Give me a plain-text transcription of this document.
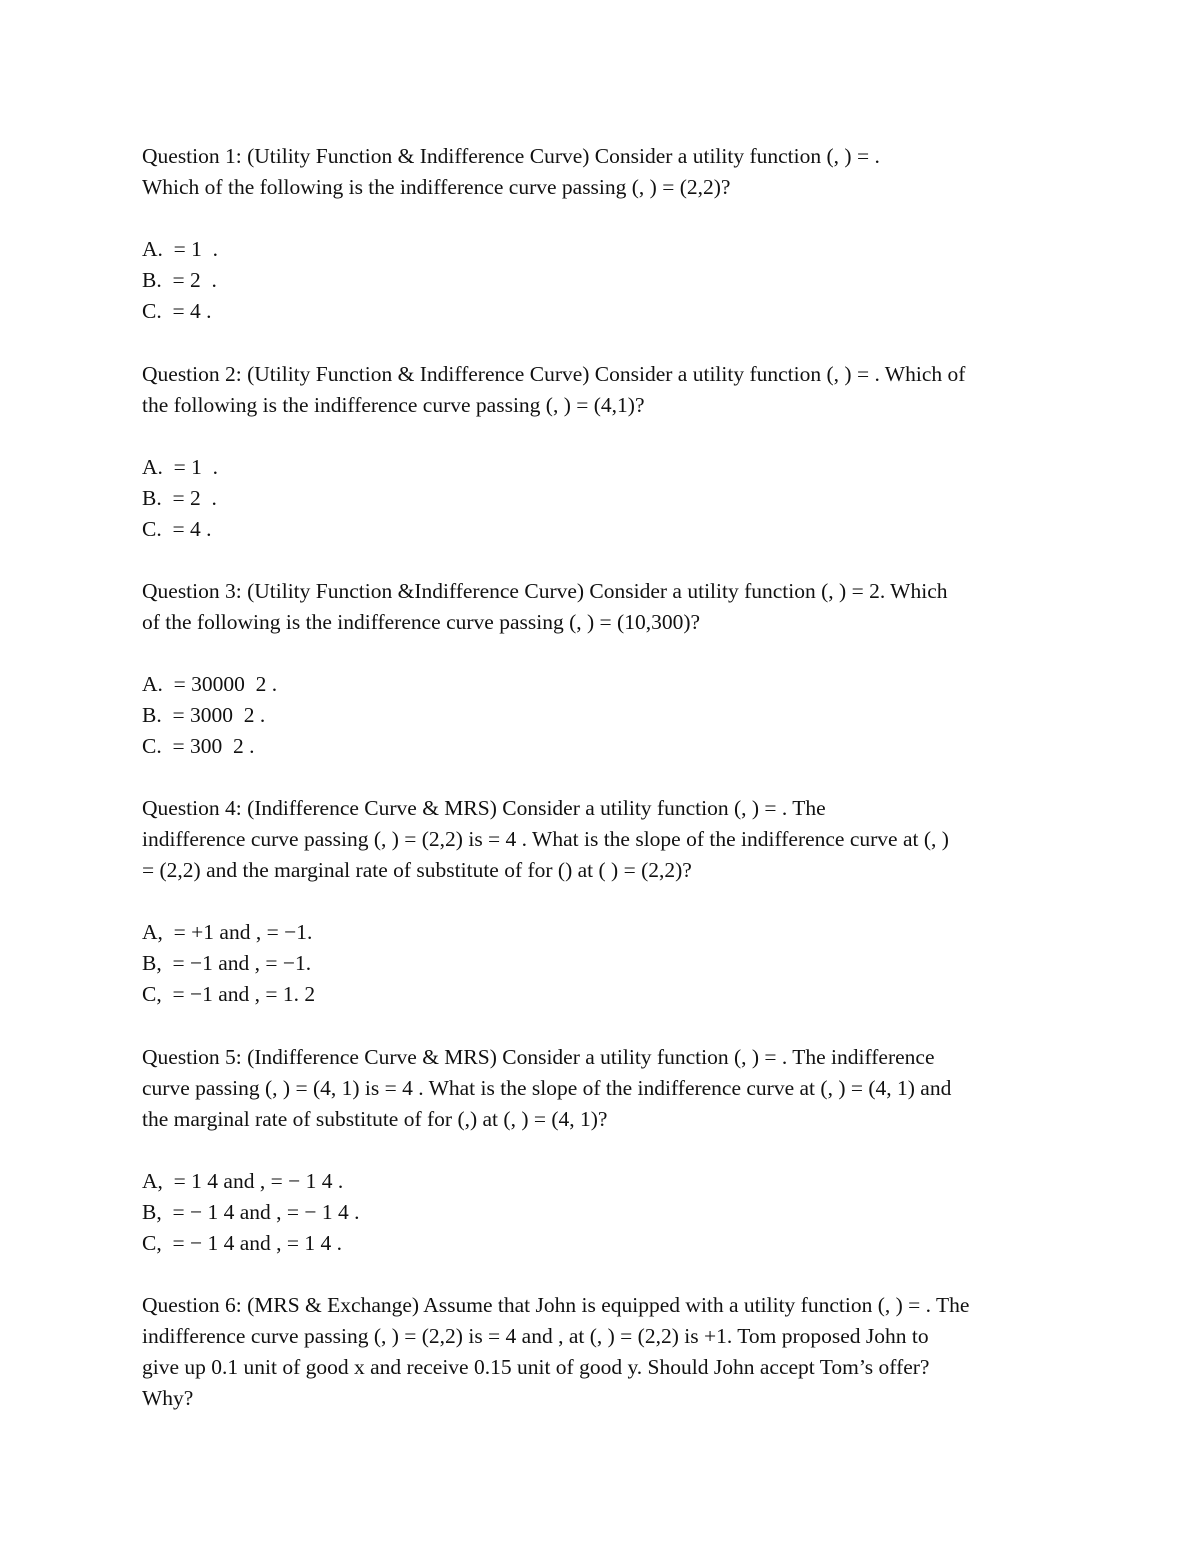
Question 1: (Utility Function & Indifference Curve) Consider a utility function (, ) = .
Which of the following is the indifference curve passing (, ) = (2,2)?

A.  = 1  .
B.  = 2  .
C.  = 4 .

Question 2: (Utility Function & Indifference Curve) Consider a utility function (, ) = . Which of
the following is the indifference curve passing (, ) = (4,1)?

A.  = 1  .
B.  = 2  .
C.  = 4 .

Question 3: (Utility Function &Indifference Curve) Consider a utility function (, ) = 2. Which
of the following is the indifference curve passing (, ) = (10,300)?

A.  = 30000  2 .
B.  = 3000  2 .
C.  = 300  2 .

Question 4: (Indifference Curve & MRS) Consider a utility function (, ) = . The
indifference curve passing (, ) = (2,2) is = 4 . What is the slope of the indifference curve at (, )
= (2,2) and the marginal rate of substitute of for () at ( ) = (2,2)?

A,  = +1 and , = −1.
B,  = −1 and , = −1.
C,  = −1 and , = 1. 2

Question 5: (Indifference Curve & MRS) Consider a utility function (, ) = . The indifference
curve passing (, ) = (4, 1) is = 4 . What is the slope of the indifference curve at (, ) = (4, 1) and
the marginal rate of substitute of for (,) at (, ) = (4, 1)?

A,  = 1 4 and , = − 1 4 .
B,  = − 1 4 and , = − 1 4 .
C,  = − 1 4 and , = 1 4 .

Question 6: (MRS & Exchange) Assume that John is equipped with a utility function (, ) = . The
indifference curve passing (, ) = (2,2) is = 4 and , at (, ) = (2,2) is +1. Tom proposed John to
give up 0.1 unit of good x and receive 0.15 unit of good y. Should John accept Tom’s offer?
Why?
